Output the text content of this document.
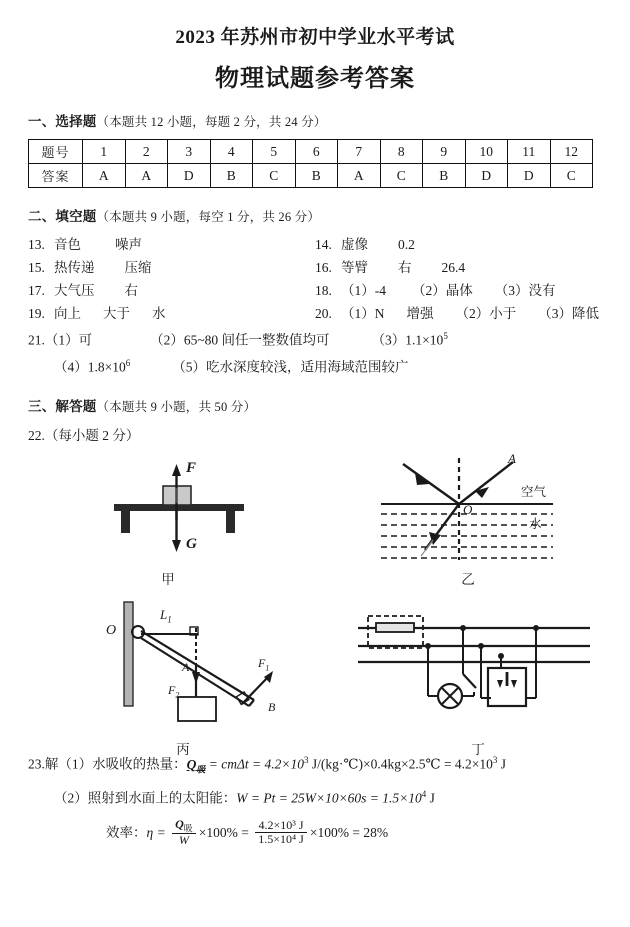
2023 年苏州市初中学业水平考试
物理试题参考答案
一、选择题（本题共 12 小题，每题 2 分，共 24 分）
题号	1	2	3	4	5	6	7	8	9	10	11	12
答案	A	A	D	B	C	B	A	C	B	D	D	C
二、填空题（本题共 9 小题，每空 1 分，共 26 分）
13. 音色	噪声	14. 虚像 0.2
15. 热传递 压缩	16. 等臂 右 26.4
17. 大气压 右	18. （1）-4 （2）晶体 （3）没有
19. 向上 大于 水	20. （1）N 增强 （2）小于 （3）降低
21.（1）可	（2）65~80 间任一整数值均可	$(3)1.1\times 10^5$
$(4)1.8\times 10^6$	（5）吃水深度较浅，适用海域范围较广
三、解答题（本题共 9 小题，共 50 分）
22.（每小题 2 分）
F
G
甲
A
O
空气
水
乙
O
$L_1$
A
$F_2$
$F_1$
B
丙	丁
23.解（1）水吸收的热量：$Q_吸 = cm\Delta t = 4.2\times 10^3$ J/(kg·℃)×0.4kg×2.5℃ = $4.2\times 10^3$ J
（2）照射到水面上的太阳能：$W = Pt = 25W\times 10\times 60s = 1.5\times 10^4$ J
效率：$\eta = \frac{Q_吸}{W} \times 100\% = \frac{\text{4.2×10³ J}}{\text{1.5×10⁴ J}} \times 100\% = 28\%$
